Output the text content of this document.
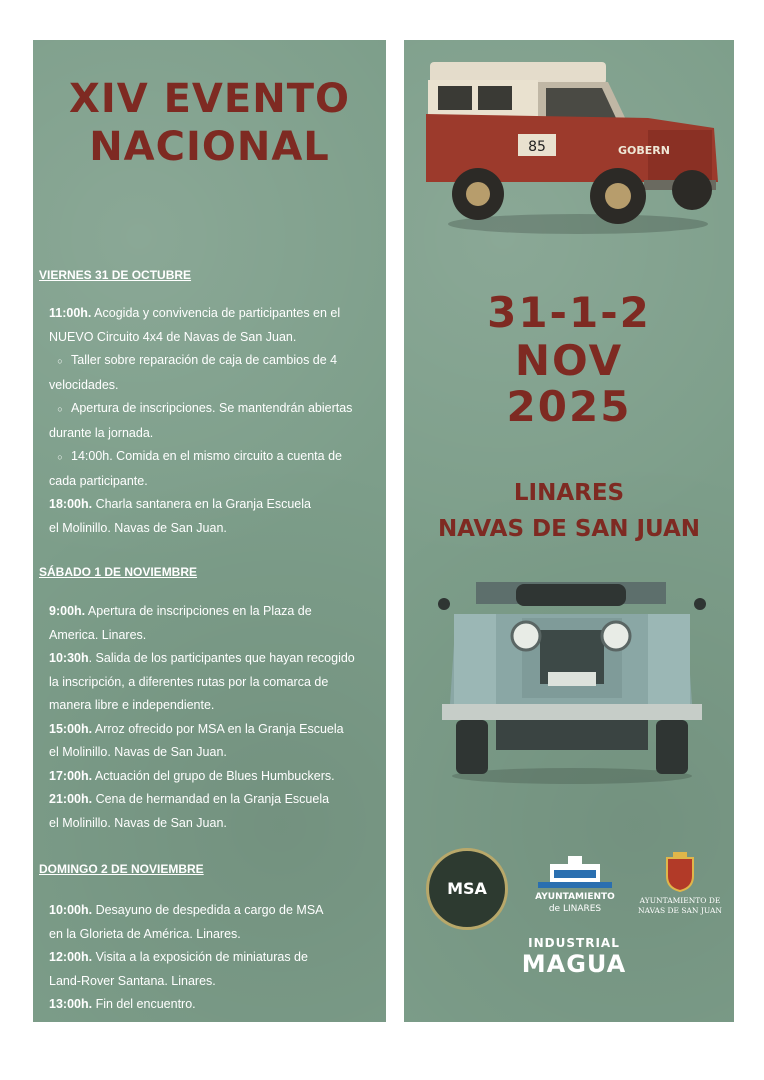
XIV EVENTO
NACIONAL
VIERNES 31 DE OCTUBRE
11:00h. Acogida y convivencia de participantes en el
NUEVO Circuito 4x4 de Navas de San Juan.
○ Taller sobre reparación de caja de cambios de 4
velocidades.
○ Apertura de inscripciones. Se mantendrán abiertas
durante la jornada.
○ 14:00h. Comida en el mismo circuito a cuenta de
cada participante.
18:00h. Charla santanera en la Granja Escuela
el Molinillo. Navas de San Juan.
SÁBADO 1 DE NOVIEMBRE
9:00h. Apertura de inscripciones en la Plaza de
America. Linares.
10:30h. Salida de los participantes que hayan recogido
la inscripción, a diferentes rutas por la comarca de
manera libre e independiente.
15:00h. Arroz ofrecido por MSA en la Granja Escuela
el Molinillo. Navas de San Juan.
17:00h. Actuación del grupo de Blues Humbuckers.
21:00h. Cena de hermandad en la Granja Escuela
el Molinillo. Navas de San Juan.
DOMINGO 2 DE NOVIEMBRE
10:00h. Desayuno de despedida a cargo de MSA
en la Glorieta de América. Linares.
12:00h. Visita a la exposición de miniaturas de
Land-Rover Santana. Linares.
13:00h. Fin del encuentro.
85	GOBERN
31-1-2
NOV
2025
LINARES
NAVAS DE SAN JUAN
MSA	AYUNTAMIENTO
de LINARES
AYUNTAMIENTO DE
NAVAS DE SAN JUAN
INDUSTRIAL
MAGUA
